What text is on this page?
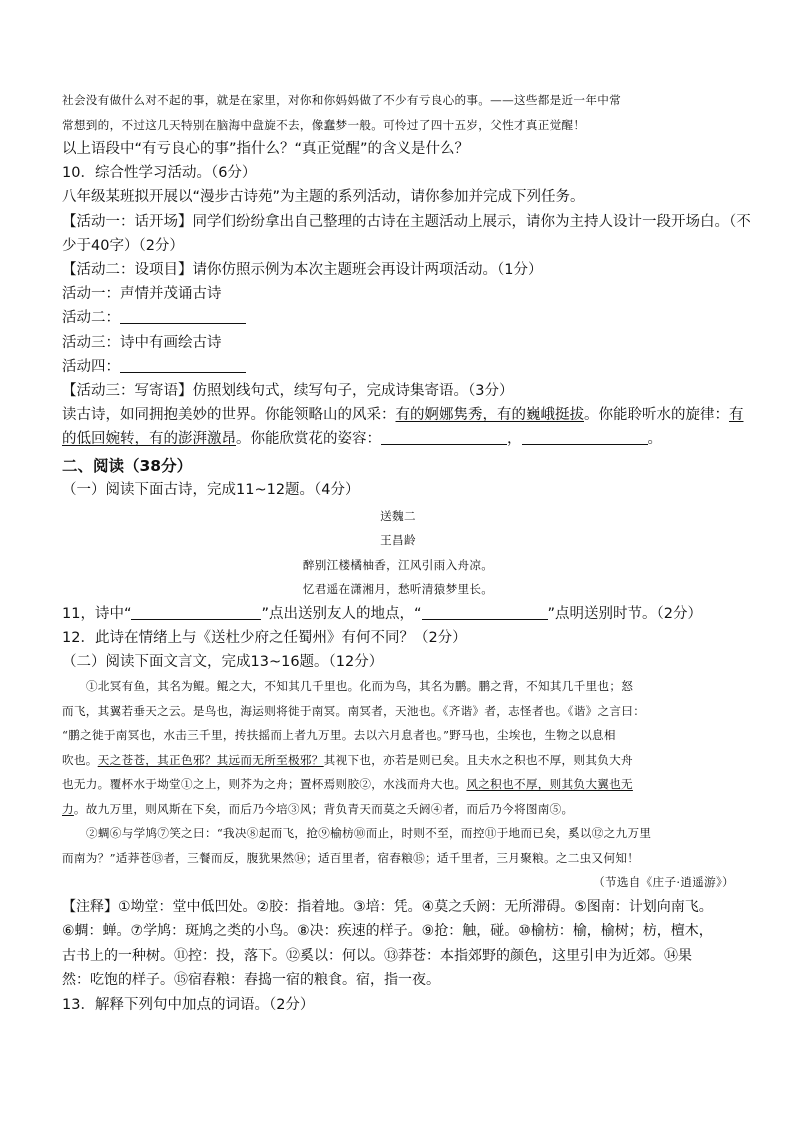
社会没有做什么对不起的事，就是在家里，对你和你妈妈做了不少有亏良心的事。——这些都是近一年中常
常想到的，不过这几天特别在脑海中盘旋不去，像蠢梦一般。可怜过了四十五岁，父性才真正觉醒！
以上语段中“有亏良心的事”指什么？“真正觉醒”的含义是什么？
10．综合性学习活动。（6分）
八年级某班拟开展以“漫步古诗苑”为主题的系列活动，请你参加并完成下列任务。
【活动一：话开场】同学们纷纷拿出自己整理的古诗在主题活动上展示，请你为主持人设计一段开场白。（不
少于40字）（2分）
【活动二：设项目】请你仿照示例为本次主题班会再设计两项活动。（1分）
活动一：声情并茂诵古诗
活动二：
活动三：诗中有画绘古诗
活动四：
【活动三：写寄语】仿照划线句式，续写句子，完成诗集寄语。（3分）
读古诗，如同拥抱美妙的世界。你能领略山的风采：有的婀娜隽秀，有的巍峨挺拔。你能聆听水的旋律：有
的低回婉转，有的澎湃激昂。你能欣赏花的姿容：	，	。
二、阅读（38分）
（一）阅读下面古诗，完成11~12题。（4分）
送魏二
王昌龄
醉别江楼橘柚香，江风引雨入舟凉。
忆君遥在潇湘月，愁听清猿梦里长。
11，诗中“	”点出送别友人的地点，“	”点明送别时节。（2分）
12．此诗在情绪上与《送杜少府之任蜀州》有何不同？（2分）
（二）阅读下面文言文，完成13~16题。（12分）
①北冥有鱼，其名为鲲。鲲之大，不知其几千里也。化而为鸟，其名为鹏。鹏之背，不知其几千里也；怒
而飞，其翼若垂天之云。是鸟也，海运则将徙于南冥。南冥者，天池也。《齐谐》者，志怪者也。《谐》之言曰：
“鹏之徙于南冥也，水击三千里，抟扶摇而上者九万里。去以六月息者也。”野马也，尘埃也，生物之以息相
吹也。天之苍苍，其正色邪？其远而无所至极邪？其视下也，亦若是则已矣。且夫水之积也不厚，则其负大舟
也无力。覆杯水于坳堂①之上，则芥为之舟；置杯焉则胶②，水浅而舟大也。风之积也不厚，则其负大翼也无
力。故九万里，则风斯在下矣，而后乃今培③风；背负青天而莫之夭阏④者，而后乃今将图南⑤。
②蜩⑥与学鸠⑦笑之曰：“我决⑧起而飞，抢⑨榆枋⑩而止，时则不至，而控⑪于地而已矣，奚以⑫之九万里
而南为？”适莽苍⑬者，三餐而反，腹犹果然⑭；适百里者，宿舂粮⑮；适千里者，三月聚粮。之二虫又何知！
（节选自《庄子·逍遥游》）
【注释】①坳堂：堂中低凹处。②胶：指着地。③培：凭。④莫之夭阏：无所滞碍。⑤图南：计划向南飞。
⑥蜩：蝉。⑦学鸠：斑鸠之类的小鸟。⑧决：疾速的样子。⑨抢：触，碰。⑩榆枋：榆，榆树；枋，檀木，
古书上的一种树。⑪控：投，落下。⑫奚以：何以。⑬莽苍：本指郊野的颜色，这里引申为近郊。⑭果
然：吃饱的样子。⑮宿舂粮：舂捣一宿的粮食。宿，指一夜。
13．解释下列句中加点的词语。（2分）
